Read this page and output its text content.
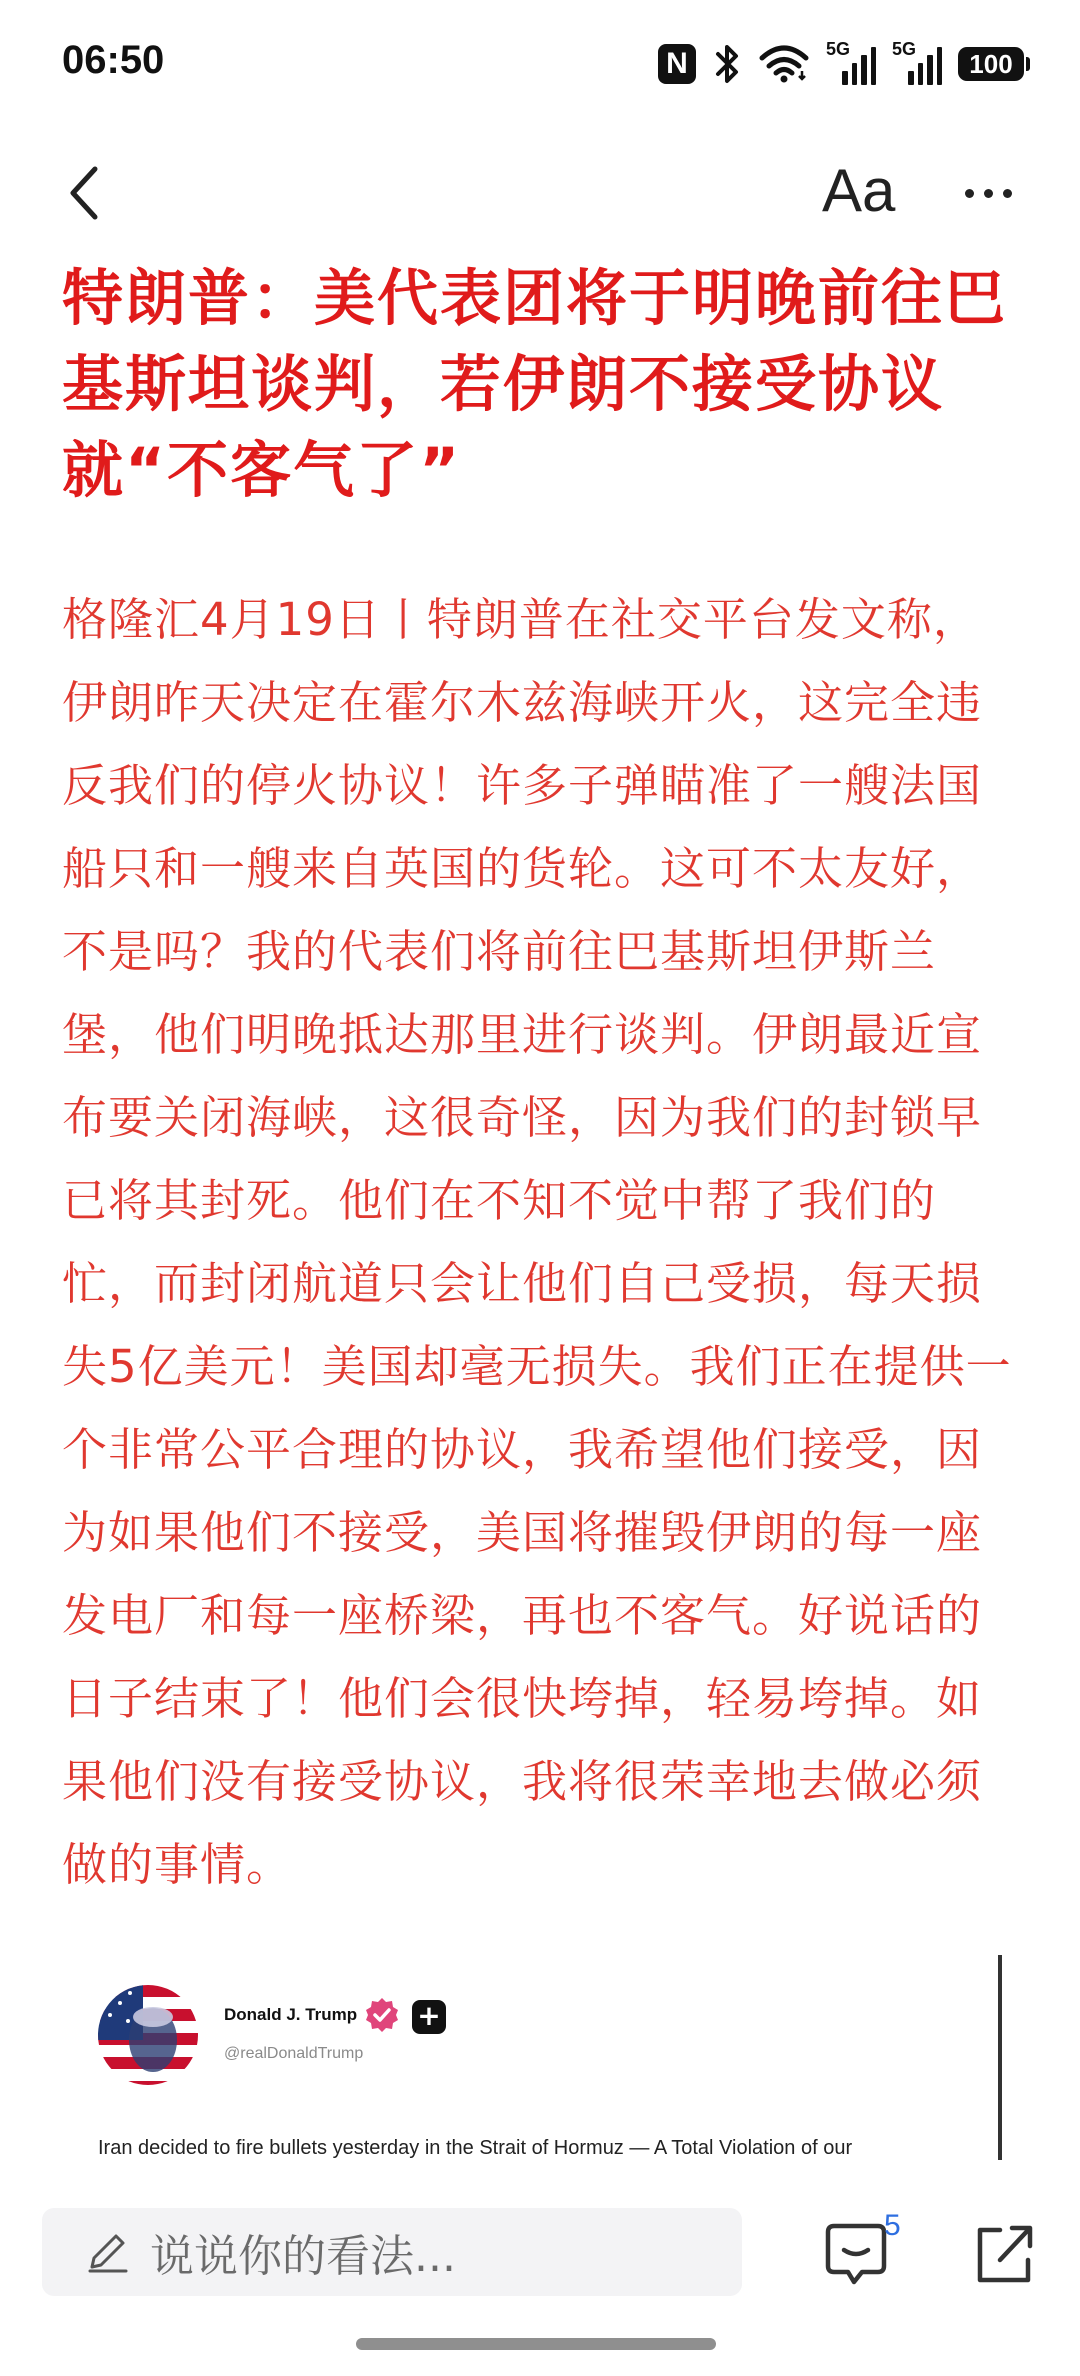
06:50	N	5G 5G	100
Aa
特朗普：美代表团将于明晚前往巴基斯坦谈判，若伊朗不接受协议就“不客气了”

格隆汇4月19日丨特朗普在社交平台发文称，伊朗昨天决定在霍尔木兹海峡开火，这完全违反我们的停火协议！许多子弹瞄准了一艘法国船只和一艘来自英国的货轮。这可不太友好，不是吗？我的代表们将前往巴基斯坦伊斯兰堡，他们明晚抵达那里进行谈判。伊朗最近宣布要关闭海峡，这很奇怪，因为我们的封锁早已将其封死。他们在不知不觉中帮了我们的忙，而封闭航道只会让他们自己受损，每天损失5亿美元！美国却毫无损失。我们正在提供一个非常公平合理的协议，我希望他们接受，因为如果他们不接受，美国将摧毁伊朗的每一座发电厂和每一座桥梁，再也不客气。好说话的日子结束了！他们会很快垮掉，轻易垮掉。如果他们没有接受协议，我将很荣幸地去做必须做的事情。

Donald J. Trump +
@realDonaldTrump
Iran decided to fire bullets yesterday in the Strait of Hormuz — A Total Violation of our
说说你的看法...
5
